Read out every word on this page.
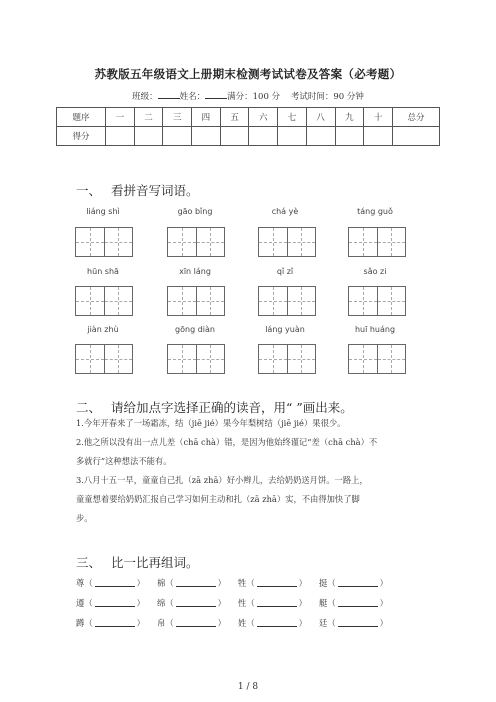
苏教版五年级语文上册期末检测考试试卷及答案（必考题）
班级：	姓名：	满分：100 分 考试时间：90 分钟
题序	一	二	三	四	五	六	七	八	九	十	总分
得分											
一、 看拼音写词语。
liáng shì	gāo bǐng	chá yè	táng guǒ
hūn shā	xīn láng	qǐ zǐ	sǎo zi
jiàn zhù	gōng diàn	láng yuàn	huī huáng
二、 请给加点字选择正确的读音，用“ ”画出来。
1.今年开春来了一场霜冻，结（jiē jié）果今年梨树结（jiē jié）果很少。
2.他之所以没有出一点儿差（chā chà）错，是因为他始终谨记“差（chā chà）不
多就行”这种想法不能有。
3.八月十五一早，童童自己扎（zā zhā）好小辫儿，去给奶奶送月饼。一路上，
童童想着要给奶奶汇报自己学习如何主动和扎（zā zhā）实，不由得加快了脚
步。
三、 比一比再组词。
尊 （	） 棉 （	） 牲 （	） 挺 （	）
遵 （	） 绵 （	） 性 （	） 艇 （	）
蹲 （	） 帛 （	） 姓 （	） 廷 （	）
1 / 8
